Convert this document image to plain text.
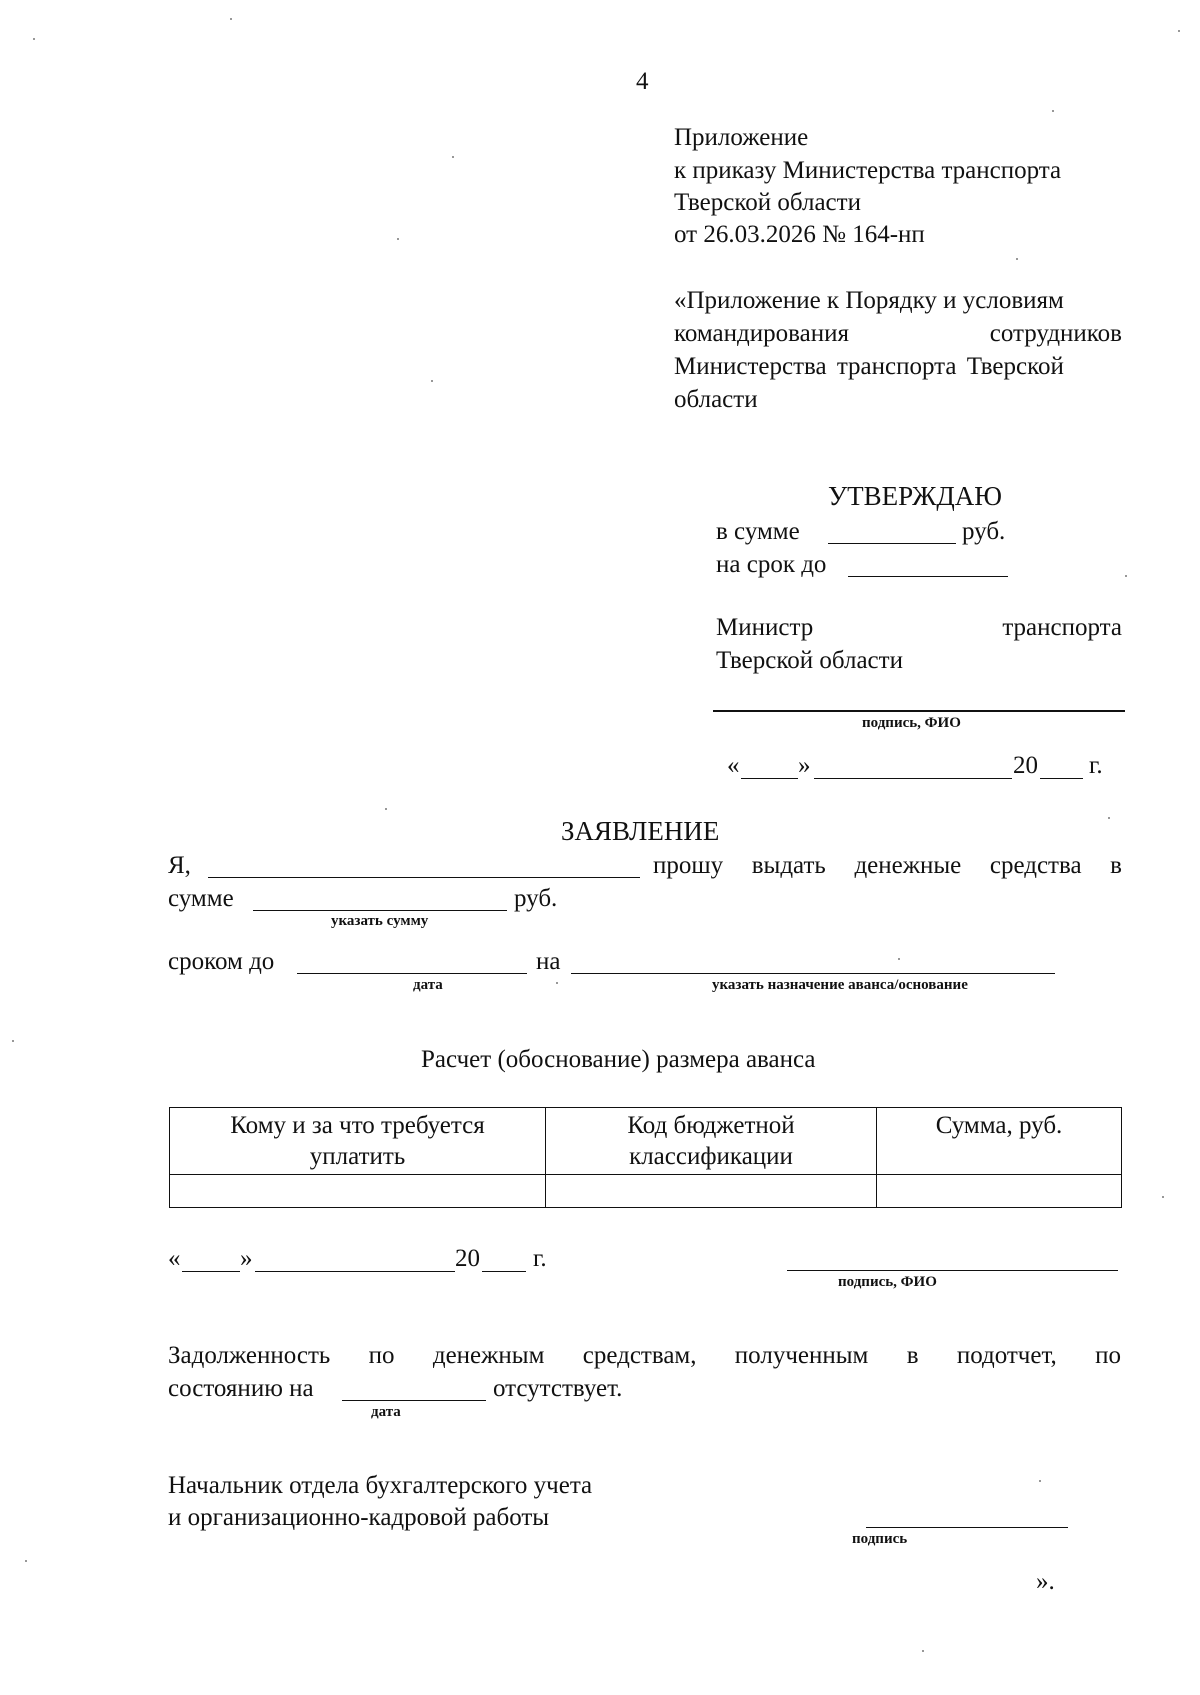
4
Приложение
к приказу Министерства транспорта
Тверской области
от 26.03.2026 № 164-нп
«Приложение к Порядку и условиям
командирования	сотрудников
Министерства транспорта Тверской
области
УТВЕРЖДАЮ
в сумме	руб.
на срок до
Министр	транспорта
Тверской области
подпись, ФИО
« »	20 г.
ЗАЯВЛЕНИЕ
Я,	прошу выдать денежные средства в
сумме	руб.
указать сумму
сроком до
дата
на
указать назначение аванса/основание
Расчет (обоснование) размера аванса
Кому и за что требуется уплатить	Код бюджетной классификации	Сумма, руб.

« »	20 г.
подпись, ФИО
Задолженность по денежным средствам, полученным в подотчет, по
состоянию на	отсутствует.
дата
Начальник отдела бухгалтерского учета
и организационно-кадровой работы
подпись
».
